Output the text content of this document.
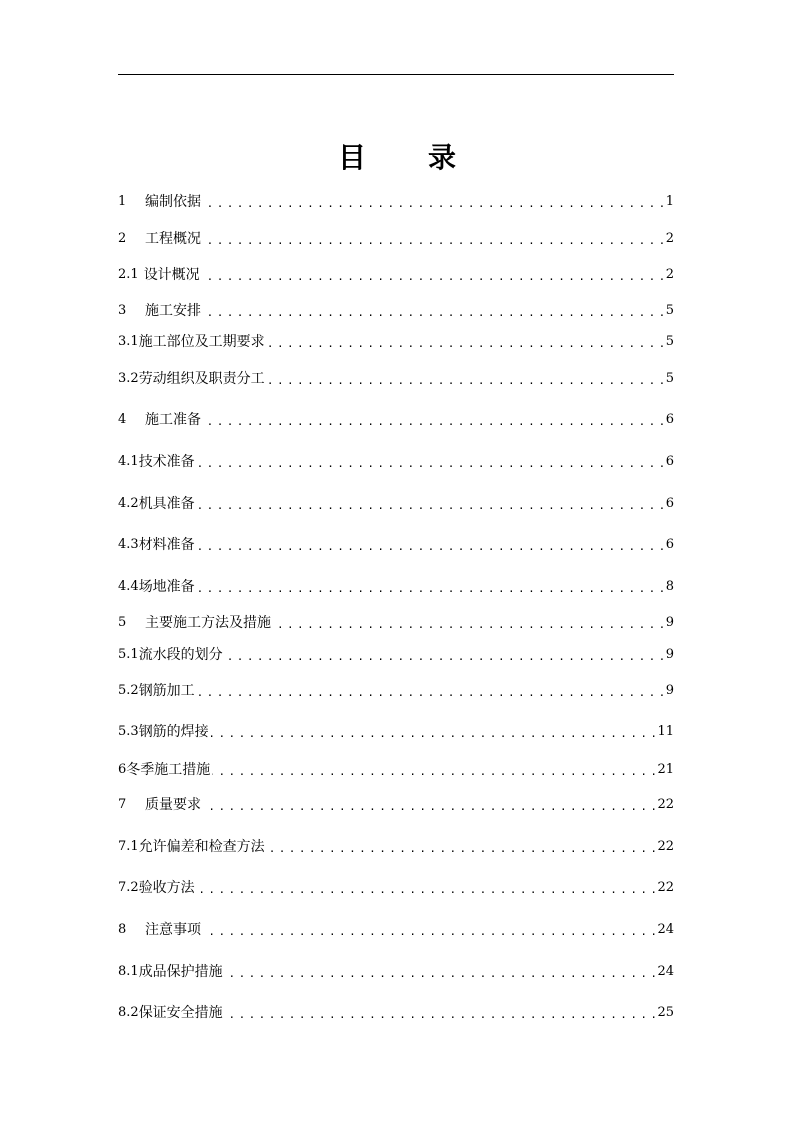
目 录
1	编制依据 . . .	1
2	工程概况 . . .	2
2.1 设计概况 . . .	2
3	施工安排 . . .	5
3.1 施工部位及工期要求 . . .	5
3.2 劳动组织及职责分工 . . .	5
4	施工准备 . . .	6
4.1 技术准备 . . .	6
4.2 机具准备 . . .	6
4.3 材料准备 . . .	6
4.4 场地准备 . . .	8
5	主要施工方法及措施 . . .	9
5.1 流水段的划分 . . .	9
5.2 钢筋加工 . . .	9
5.3 钢筋的焊接 . . .	11
6 冬季施工措施 . . .	21
7	质量要求 . . .	22
7.1 允许偏差和检查方法 . . .	22
7.2 验收方法 . . .	22
8	注意事项 . . .	24
8.1 成品保护措施 . . .	24
8.2 保证安全措施 . . .	25
